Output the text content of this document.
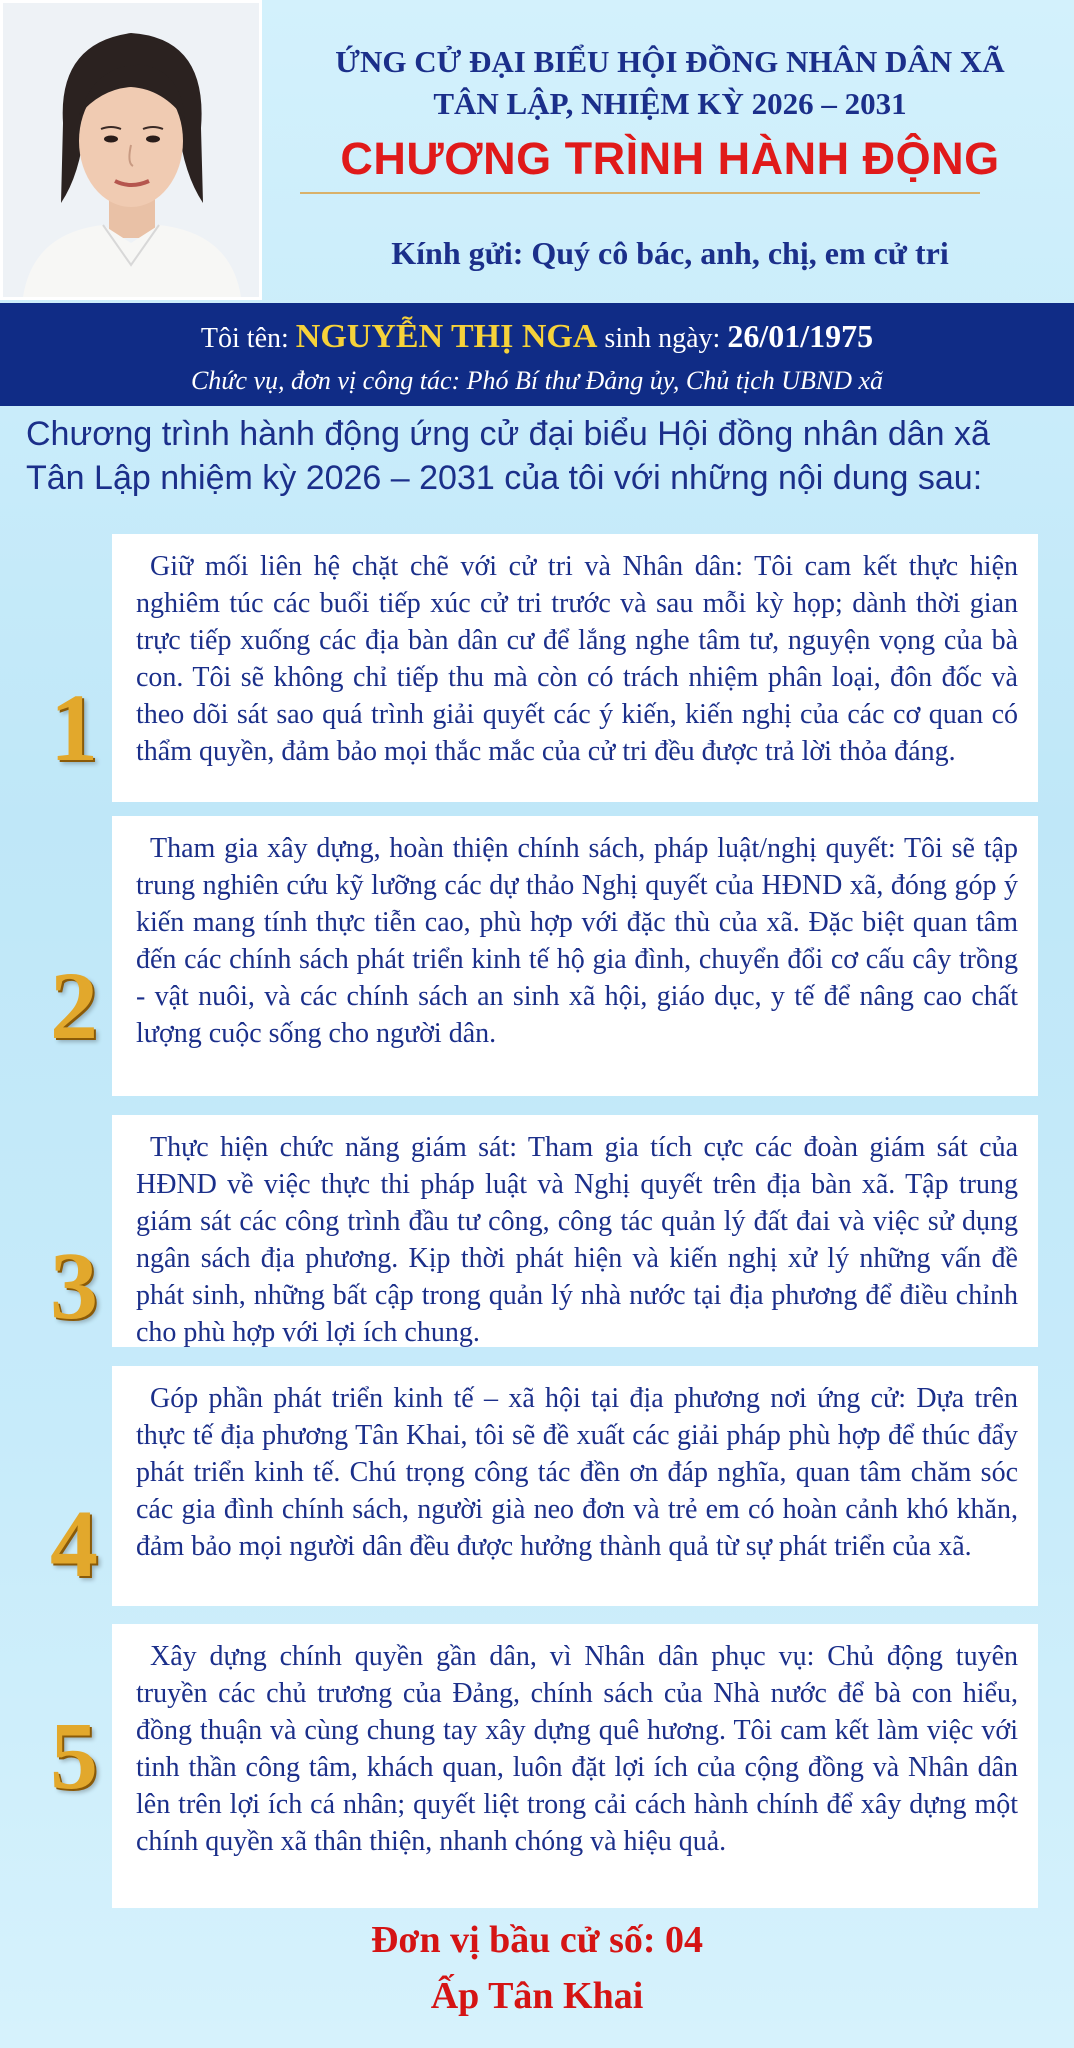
ỨNG CỬ ĐẠI BIỂU HỘI ĐỒNG NHÂN DÂN XÃ
TÂN LẬP, NHIỆM KỲ 2026 – 2031
CHƯƠNG TRÌNH HÀNH ĐỘNG
Kính gửi: Quý cô bác, anh, chị, em cử tri
Tôi tên: NGUYỄN THỊ NGA sinh ngày: 26/01/1975
Chức vụ, đơn vị công tác: Phó Bí thư Đảng ủy, Chủ tịch UBND xã
Chương trình hành động ứng cử đại biểu Hội đồng nhân dân xã Tân Lập nhiệm kỳ 2026 – 2031 của tôi với những nội dung sau:

Giữ mối liên hệ chặt chẽ với cử tri và Nhân dân: Tôi cam kết thực hiện nghiêm túc các buổi tiếp xúc cử tri trước và sau mỗi kỳ họp; dành thời gian trực tiếp xuống các địa bàn dân cư để lắng nghe tâm tư, nguyện vọng của bà con. Tôi sẽ không chỉ tiếp thu mà còn có trách nhiệm phân loại, đôn đốc và theo dõi sát sao quá trình giải quyết các ý kiến, kiến nghị của các cơ quan có thẩm quyền, đảm bảo mọi thắc mắc của cử tri đều được trả lời thỏa đáng.

1

Tham gia xây dựng, hoàn thiện chính sách, pháp luật/nghị quyết: Tôi sẽ tập trung nghiên cứu kỹ lưỡng các dự thảo Nghị quyết của HĐND xã, đóng góp ý kiến mang tính thực tiễn cao, phù hợp với đặc thù của xã. Đặc biệt quan tâm đến các chính sách phát triển kinh tế hộ gia đình, chuyển đổi cơ cấu cây trồng - vật nuôi, và các chính sách an sinh xã hội, giáo dục, y tế để nâng cao chất lượng cuộc sống cho người dân.

2

Thực hiện chức năng giám sát: Tham gia tích cực các đoàn giám sát của HĐND về việc thực thi pháp luật và Nghị quyết trên địa bàn xã. Tập trung giám sát các công trình đầu tư công, công tác quản lý đất đai và việc sử dụng ngân sách địa phương. Kịp thời phát hiện và kiến nghị xử lý những vấn đề phát sinh, những bất cập trong quản lý nhà nước tại địa phương để điều chỉnh cho phù hợp với lợi ích chung.

3

Góp phần phát triển kinh tế – xã hội tại địa phương nơi ứng cử: Dựa trên thực tế địa phương Tân Khai, tôi sẽ đề xuất các giải pháp phù hợp để thúc đẩy phát triển kinh tế. Chú trọng công tác đền ơn đáp nghĩa, quan tâm chăm sóc các gia đình chính sách, người già neo đơn và trẻ em có hoàn cảnh khó khăn, đảm bảo mọi người dân đều được hưởng thành quả từ sự phát triển của xã.

4

Xây dựng chính quyền gần dân, vì Nhân dân phục vụ: Chủ động tuyên truyền các chủ trương của Đảng, chính sách của Nhà nước để bà con hiểu, đồng thuận và cùng chung tay xây dựng quê hương. Tôi cam kết làm việc với tinh thần công tâm, khách quan, luôn đặt lợi ích của cộng đồng và Nhân dân lên trên lợi ích cá nhân; quyết liệt trong cải cách hành chính để xây dựng một chính quyền xã thân thiện, nhanh chóng và hiệu quả.

5
Đơn vị bầu cử số: 04
Ấp Tân Khai
